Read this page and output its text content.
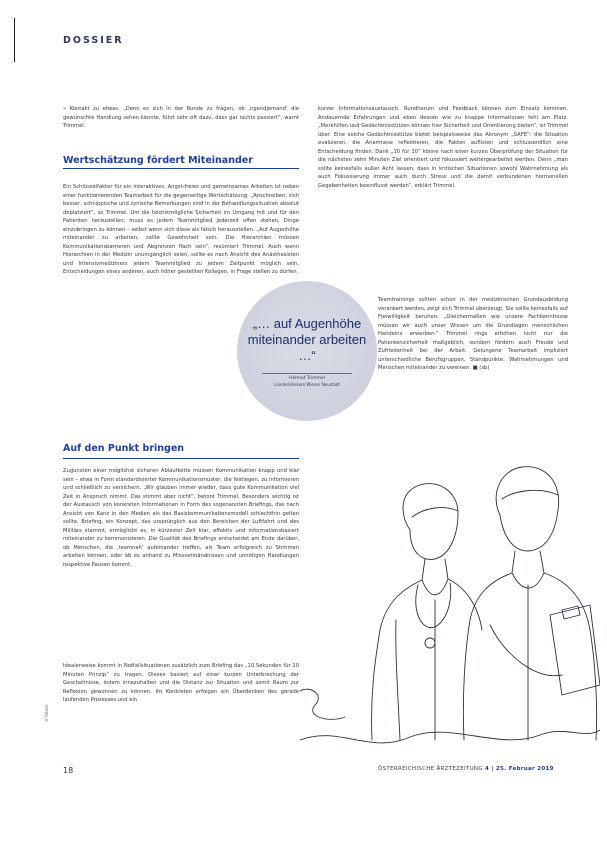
DOSSIER

» Kontakt zu etwas: „Denn es sich in der Runde zu fragen, ob ‚irgendjemand‘ die gewünschte Handlung sehen könnte, führt sehr oft dazu, dass gar nichts passiert“, warnt Trimmel.

Wertschätzung fördert Miteinander

Ein Schlüsselfaktor für ein interaktives, Angst-freies und gemeinsames Arbeiten ist neben einer funktionierenden Teamarbeit für die gegenseitige Wertschätzung. „Anschreiben, sich besser, schnippische und zynische Bemerkungen sind in der Behandlungssituation absolut deplatziert“, so Trimmel. Um die höchstmögliche Sicherheit im Umgang mit und für den Patienten herzustellen, muss es jedem Teammitglied jederzeit offen stehen, Dinge einzubringen zu können – selbst wenn sich diese als falsch herausstellen. „Auf Augenhöhe miteinander zu arbeiten, sollte Gewohnheit sein. Die Hierarchien müssen Kommunikationsbarrieren und Abgrenzen flach sein“, resümiert Trimmel. Auch wenn Hierarchien in der Medizin unumgänglich seien, sollte es nach Ansicht des Anästhesisten und Intensivmediziners jedem Teammitglied zu jedem Zeitpunkt möglich sein, Entscheidungen eines anderen, auch höher gestellten Kollegen, in Frage stellen zu dürfen.

Auf den Punkt bringen

Zugunsten einer möglichst sicheren Ablaufkette müssen Kommunikation knapp und klar sein – etwa in Form standardisierter Kommunikationsmuster, die festlegen, zu informieren und schließlich zu versichern. „Wir glauben immer wieder, dass gute Kommunikation viel Zeit in Anspruch nimmt. Das stimmt aber nicht“, betont Trimmel. Besonders wichtig ist der Austausch von konkreten Informationen in Form des sogenannten Briefings, das nach Ansicht von Kanz in den Medien als das Basiskommunikationsmodell schlechthin gelten sollte. Briefing, ein Konzept, das ursprünglich aus den Bereichen der Luftfahrt und des Militärs stammt, ermöglicht es, in kürzester Zeit klar, effektiv und informationsbasiert miteinander zu kommunizieren. Die Qualität des Briefings entscheidet am Ende darüber, ob Menschen, die ‚teamnah‘ aufeinander treffen, als Team erfolgreich zu Stimmen arbeiten können, oder ob es anhand zu Missverständnissen und unnötigen Handlungen respektive Pausen kommt.

Idealerweise kommt in Notfallsituationen zusätzlich zum Briefing das „10 Sekunden für 10 Minuten Prinzip“ zu tragen. Dieses basiert auf einer kurzen Unterbrechung der Geschehnisse, indem innezuhalten und die Distanz zur Situation und somit Raum zur Reflexion gewonnen zu können. Im Konkreten erfolgen ein Überdenken des gerade laufenden Prozesses und ein

kurzer Informationsaustausch. Rundherum und Feedback können zum Einsatz kommen. Andauernde Erfahrungen und eben dessen wie zu knappe Informationen fehl am Platz. „Merkhilfen und Gedächtnisstützen können hier Sicherheit und Orientierung bieten“, ist Trimmel über. Eine solche Gedächtnisstütze bietet beispielsweise das Akronym „SAFE“: die Situation evaluieren, die Anamnese reflektieren, die Fakten auflisten und schlussendlich eine Entscheidung finden. Dank „10 für 10“ könne nach einer kurzen Überprüfung der Situation für die nächsten zehn Minuten Ziel orientiert und fokussiert weitergearbeitet werden. Denn „man sollte keinesfalls außer Acht lassen, dass in kritischen Situationen sowohl Wahrnehmung als auch Fokussierung immer auch durch Stress und die damit verbundenen hormonellen Gegebenheiten beeinflusst werden“, erklärt Trimmel.

Teamtrainings sollten schon in der medizinischen Grundausbildung verankert werden, zeigt sich Trimmel überzeugt. Sie sollte keinesfalls auf Freiwilligkeit beruhen. „Gleichermaßen wie unsere Fachkenntnisse müssen wir auch unser Wissen um die Grundlagen menschlichen Handelns erwerben.“ Trimmel rings erhöhen nicht nur die Patientensicherheit maßgeblich, sondern fördern auch Freude und Zufriedenheit bei der Arbeit. Gelungene Teamarbeit impliziert unterschiedliche Berufsgruppen, Standpunkte, Wahrnehmungen und Menschen miteinander zu vereinen. ■ (sb)

„… auf Augenhöhe miteinander arbeiten …“
Helmut Trimmel
Landesklinikum Wiener Neustadt
© iStock
18	ÖSTERREICHISCHE ÄRZTEZEITUNG 4 | 25. Februar 2019
